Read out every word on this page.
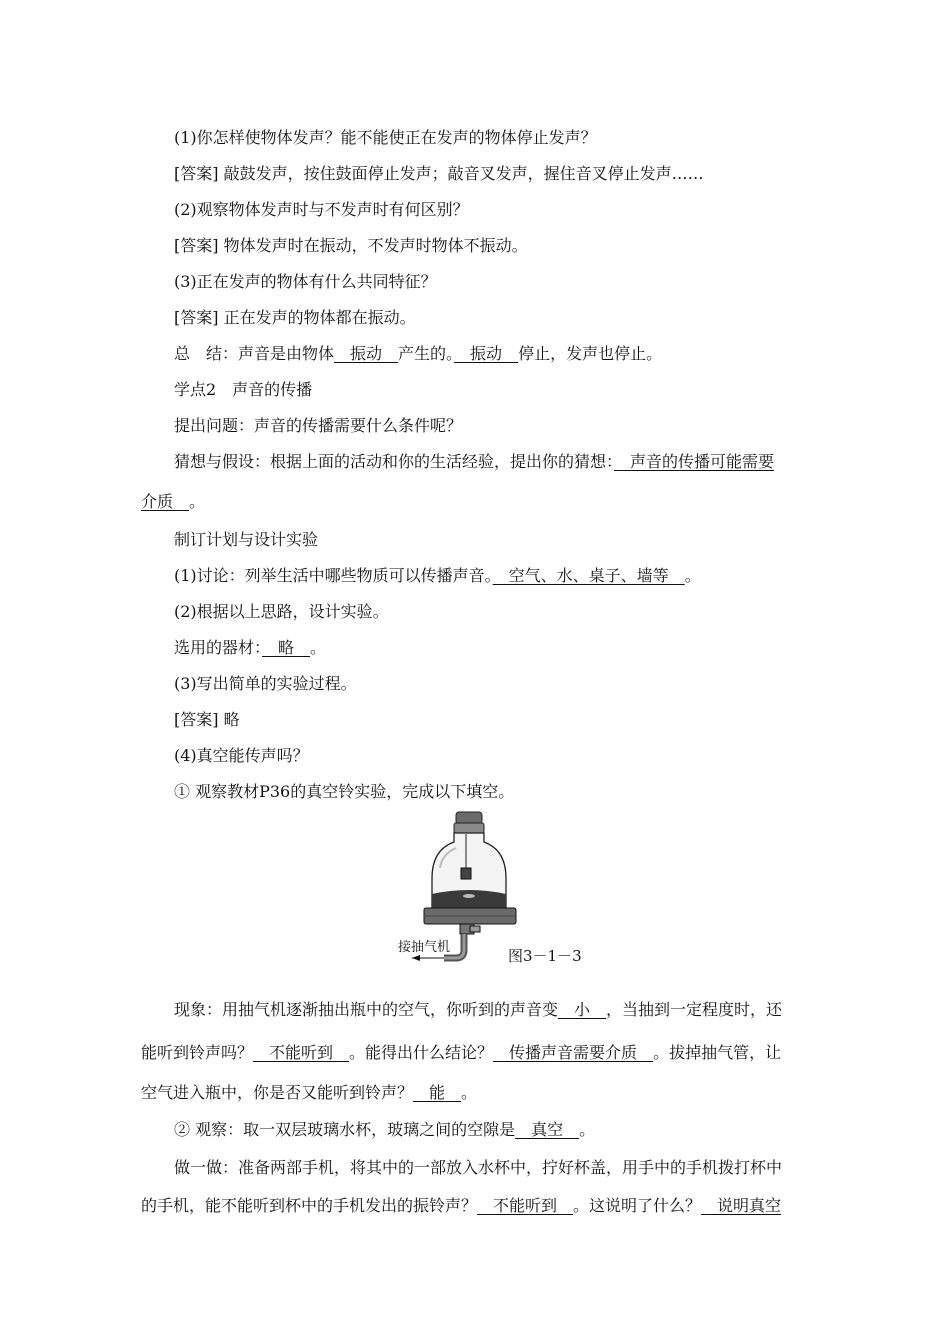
(1)你怎样使物体发声？能不能使正在发声的物体停止发声？
[答案] 敲鼓发声，按住鼓面停止发声；敲音叉发声，握住音叉停止发声……
(2)观察物体发声时与不发声时有何区别？
[答案] 物体发声时在振动，不发声时物体不振动。
(3)正在发声的物体有什么共同特征？
[答案] 正在发声的物体都在振动。
总　结：声音是由物体　振动　产生的。　振动　停止，发声也停止。
学点2　声音的传播
提出问题：声音的传播需要什么条件呢？
猜想与假设：根据上面的活动和你的生活经验，提出你的猜想：　声音的传播可能需要
介质　。
制订计划与设计实验
(1)讨论：列举生活中哪些物质可以传播声音。　空气、水、桌子、墙等　。
(2)根据以上思路，设计实验。
选用的器材：　略　。
(3)写出简单的实验过程。
[答案] 略
(4)真空能传声吗？
① 观察教材P36的真空铃实验，完成以下填空。
接抽气机	图3－1－3
现象：用抽气机逐渐抽出瓶中的空气，你听到的声音变　小　，当抽到一定程度时，还
能听到铃声吗？　不能听到　。能得出什么结论？　传播声音需要介质　。拔掉抽气管，让
空气进入瓶中，你是否又能听到铃声？　能　。
② 观察：取一双层玻璃水杯，玻璃之间的空隙是　真空　。
做一做：准备两部手机，将其中的一部放入水杯中，拧好杯盖，用手中的手机拨打杯中
的手机，能不能听到杯中的手机发出的振铃声？　不能听到　。这说明了什么？　说明真空
